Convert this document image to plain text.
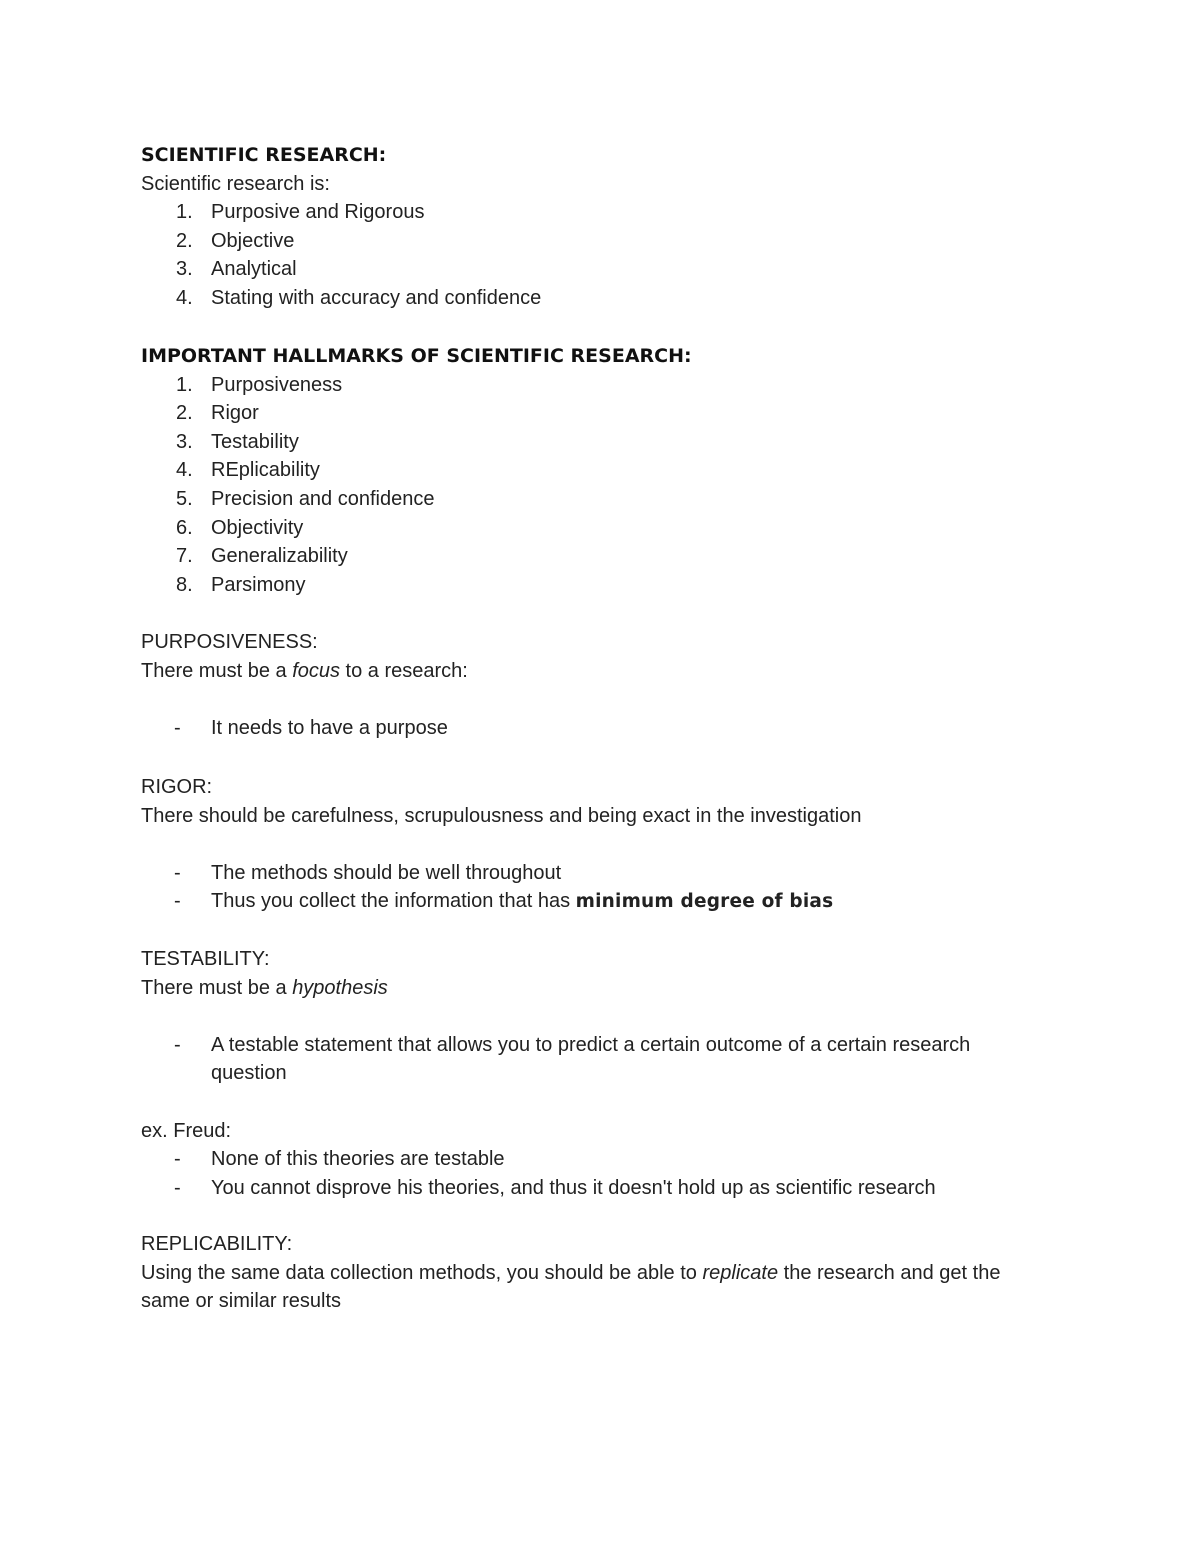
SCIENTIFIC RESEARCH:
Scientific research is:
1. Purposive and Rigorous
2. Objective
3. Analytical
4. Stating with accuracy and confidence
IMPORTANT HALLMARKS OF SCIENTIFIC RESEARCH:
1. Purposiveness
2. Rigor
3. Testability
4. REplicability
5. Precision and confidence
6. Objectivity
7. Generalizability
8. Parsimony
PURPOSIVENESS:
There must be a focus to a research:
-	It needs to have a purpose
RIGOR:
There should be carefulness, scrupulousness and being exact in the investigation
-	The methods should be well throughout
-	Thus you collect the information that has minimum degree of bias
TESTABILITY:
There must be a hypothesis
-	A testable statement that allows you to predict a certain outcome of a certain research question
ex. Freud:
-	None of this theories are testable
-	You cannot disprove his theories, and thus it doesn't hold up as scientific research
REPLICABILITY:
Using the same data collection methods, you should be able to replicate the research and get the same or similar results
